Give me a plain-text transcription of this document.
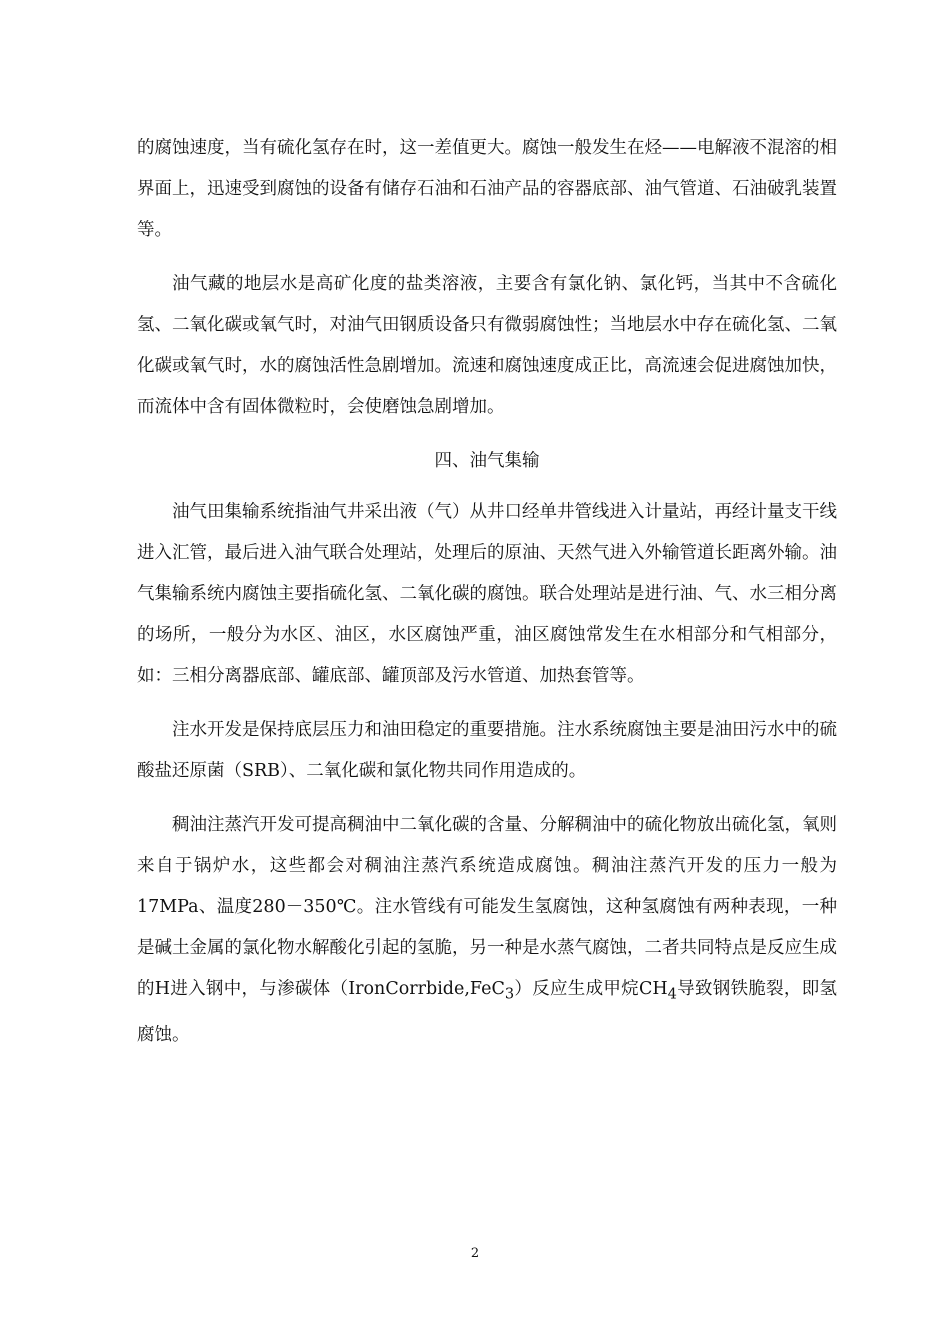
的腐蚀速度，当有硫化氢存在时，这一差值更大。腐蚀一般发生在烃——电解液不混溶的相界面上，迅速受到腐蚀的设备有储存石油和石油产品的容器底部、油气管道、石油破乳装置等。

油气藏的地层水是高矿化度的盐类溶液，主要含有氯化钠、氯化钙，当其中不含硫化氢、二氧化碳或氧气时，对油气田钢质设备只有微弱腐蚀性；当地层水中存在硫化氢、二氧化碳或氧气时，水的腐蚀活性急剧增加。流速和腐蚀速度成正比，高流速会促进腐蚀加快，而流体中含有固体微粒时，会使磨蚀急剧增加。

四、油气集输

油气田集输系统指油气井采出液（气）从井口经单井管线进入计量站，再经计量支干线进入汇管，最后进入油气联合处理站，处理后的原油、天然气进入外输管道长距离外输。油气集输系统内腐蚀主要指硫化氢、二氧化碳的腐蚀。联合处理站是进行油、气、水三相分离的场所，一般分为水区、油区，水区腐蚀严重，油区腐蚀常发生在水相部分和气相部分，如：三相分离器底部、罐底部、罐顶部及污水管道、加热套管等。

注水开发是保持底层压力和油田稳定的重要措施。注水系统腐蚀主要是油田污水中的硫酸盐还原菌（SRB）、二氧化碳和氯化物共同作用造成的。

稠油注蒸汽开发可提高稠油中二氧化碳的含量、分解稠油中的硫化物放出硫化氢，氧则来自于锅炉水，这些都会对稠油注蒸汽系统造成腐蚀。稠油注蒸汽开发的压力一般为17MPa、温度280－350℃。注水管线有可能发生氢腐蚀，这种氢腐蚀有两种表现，一种是碱土金属的氯化物水解酸化引起的氢脆，另一种是水蒸气腐蚀，二者共同特点是反应生成的H进入钢中，与渗碳体（IronCorrbide,FeC$_3$）反应生成甲烷$CH_4$导致钢铁脆裂，即氢腐蚀。

2
